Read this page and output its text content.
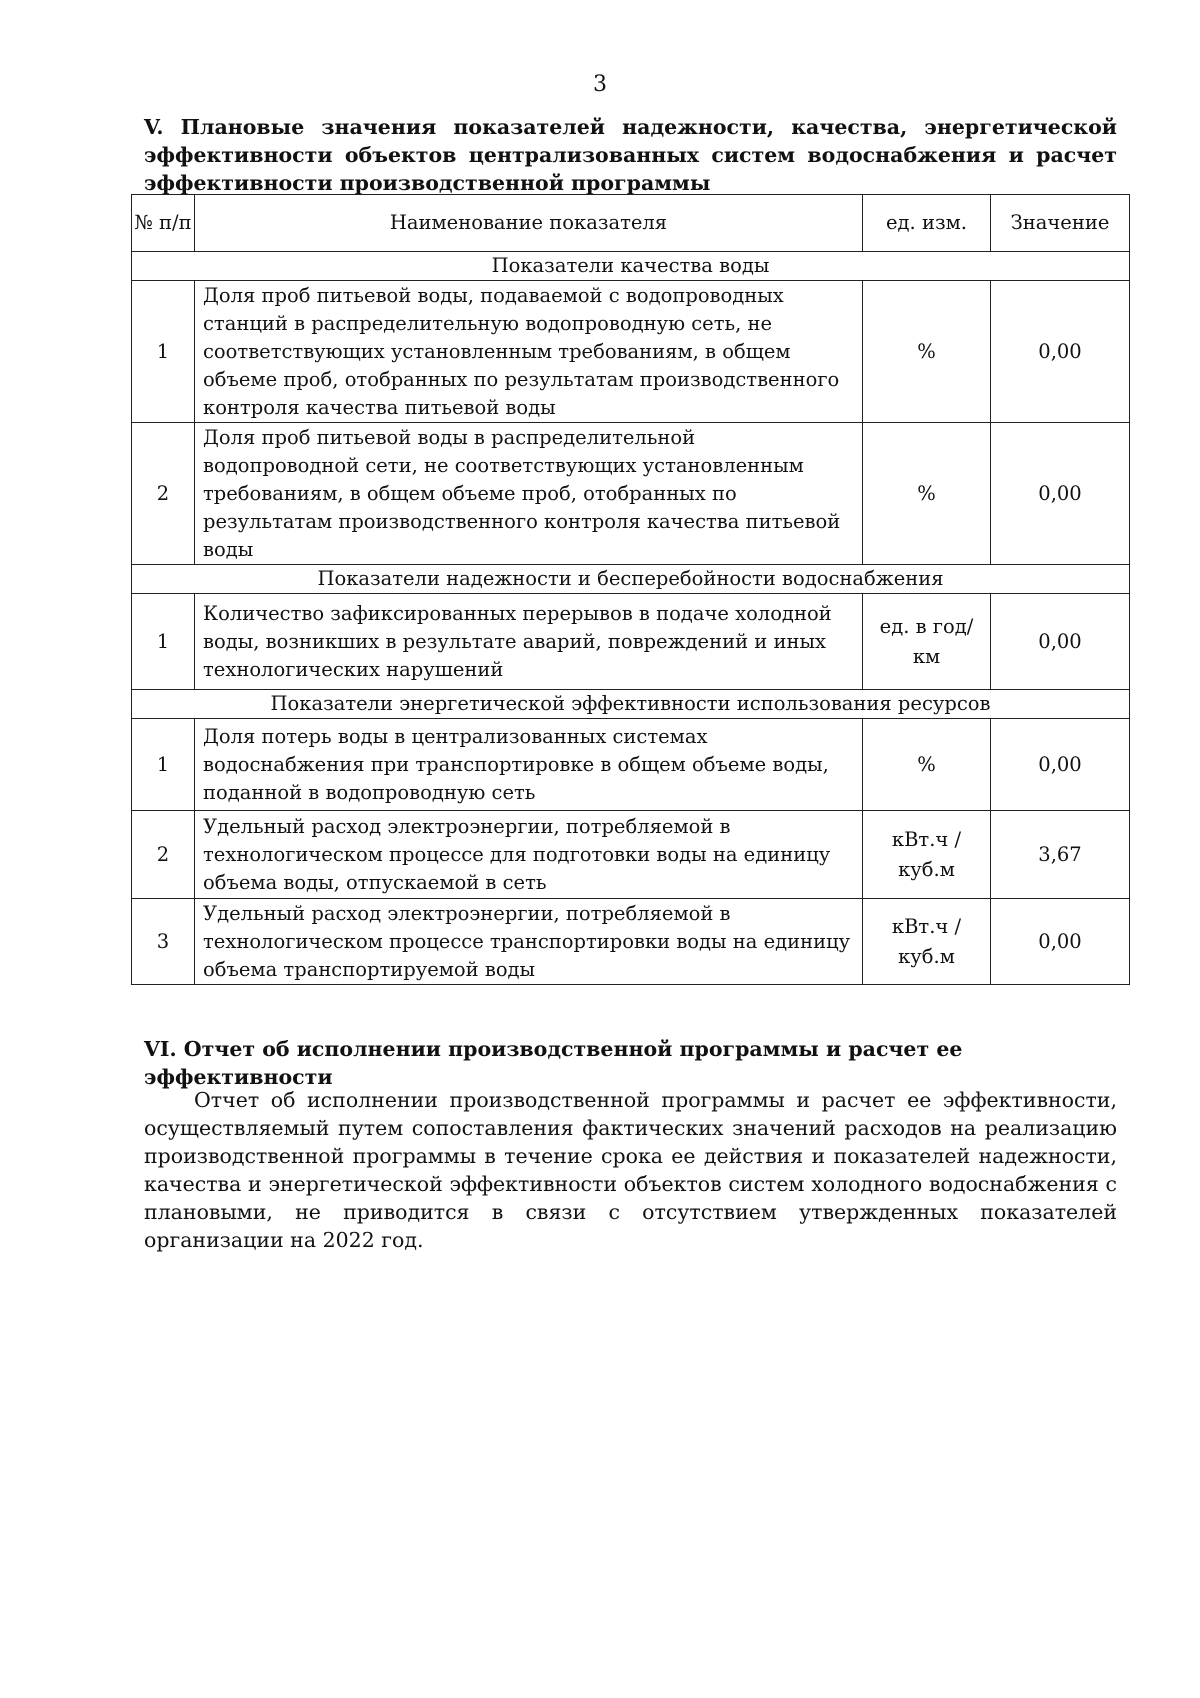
3
V. Плановые значения показателей надежности, качества, энергетической эффективности объектов централизованных систем водоснабжения и расчет эффективности производственной программы
№ п/п	Наименование показателя	ед. изм.	Значение
Показатели качества воды			
1	Доля проб питьевой воды, подаваемой с водопроводных станций в распределительную водопроводную сеть, не соответствующих установленным требованиям, в общем объеме проб, отобранных по результатам производственного контроля качества питьевой воды	%	0,00
2	Доля проб питьевой воды в распределительной водопроводной сети, не соответствующих установленным требованиям, в общем объеме проб, отобранных по результатам производственного контроля качества питьевой воды	%	0,00
Показатели надежности и бесперебойности водоснабжения			
1	Количество зафиксированных перерывов в подаче холодной воды, возникших в результате аварий, повреждений и иных технологических нарушений	ед. в год/ км	0,00
Показатели энергетической эффективности использования ресурсов			
1	Доля потерь воды в централизованных системах водоснабжения при транспортировке в общем объеме воды, поданной в водопроводную сеть	%	0,00
2	Удельный расход электроэнергии, потребляемой в технологическом процессе для подготовки воды на единицу объема воды, отпускаемой в сеть	кВт.ч / куб.м	3,67
3	Удельный расход электроэнергии, потребляемой в технологическом процессе транспортировки воды на единицу объема транспортируемой воды	кВт.ч / куб.м	0,00
VI. Отчет об исполнении производственной программы и расчет ее эффективности
Отчет об исполнении производственной программы и расчет ее эффективности, осуществляемый путем сопоставления фактических значений расходов на реализацию производственной программы в течение срока ее действия и показателей надежности, качества и энергетической эффективности объектов систем холодного водоснабжения с плановыми, не приводится в связи с отсутствием утвержденных показателей организации на 2022 год.
